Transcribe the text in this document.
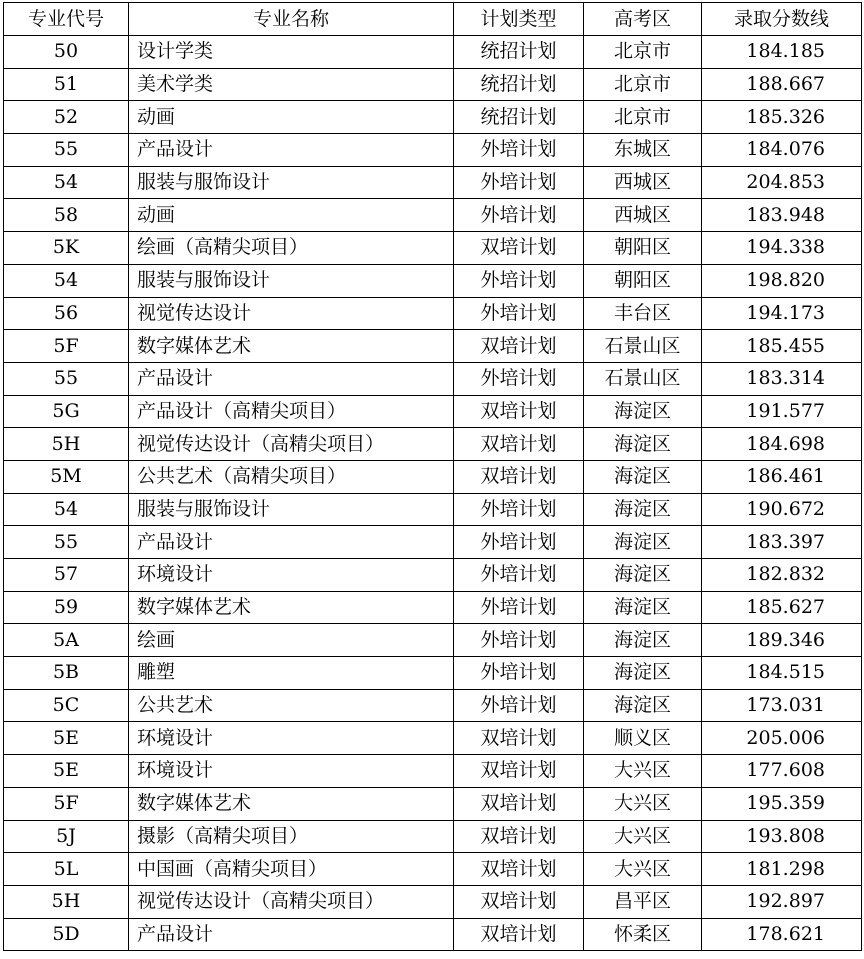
专业代号	专业名称	计划类型	高考区	录取分数线
50	设计学类	统招计划	北京市	184.185
51	美术学类	统招计划	北京市	188.667
52	动画	统招计划	北京市	185.326
55	产品设计	外培计划	东城区	184.076
54	服装与服饰设计	外培计划	西城区	204.853
58	动画	外培计划	西城区	183.948
5K	绘画（高精尖项目）	双培计划	朝阳区	194.338
54	服装与服饰设计	外培计划	朝阳区	198.820
56	视觉传达设计	外培计划	丰台区	194.173
5F	数字媒体艺术	双培计划	石景山区	185.455
55	产品设计	外培计划	石景山区	183.314
5G	产品设计（高精尖项目）	双培计划	海淀区	191.577
5H	视觉传达设计（高精尖项目）	双培计划	海淀区	184.698
5M	公共艺术（高精尖项目）	双培计划	海淀区	186.461
54	服装与服饰设计	外培计划	海淀区	190.672
55	产品设计	外培计划	海淀区	183.397
57	环境设计	外培计划	海淀区	182.832
59	数字媒体艺术	外培计划	海淀区	185.627
5A	绘画	外培计划	海淀区	189.346
5B	雕塑	外培计划	海淀区	184.515
5C	公共艺术	外培计划	海淀区	173.031
5E	环境设计	双培计划	顺义区	205.006
5E	环境设计	双培计划	大兴区	177.608
5F	数字媒体艺术	双培计划	大兴区	195.359
5J	摄影（高精尖项目）	双培计划	大兴区	193.808
5L	中国画（高精尖项目）	双培计划	大兴区	181.298
5H	视觉传达设计（高精尖项目）	双培计划	昌平区	192.897
5D	产品设计	双培计划	怀柔区	178.621
